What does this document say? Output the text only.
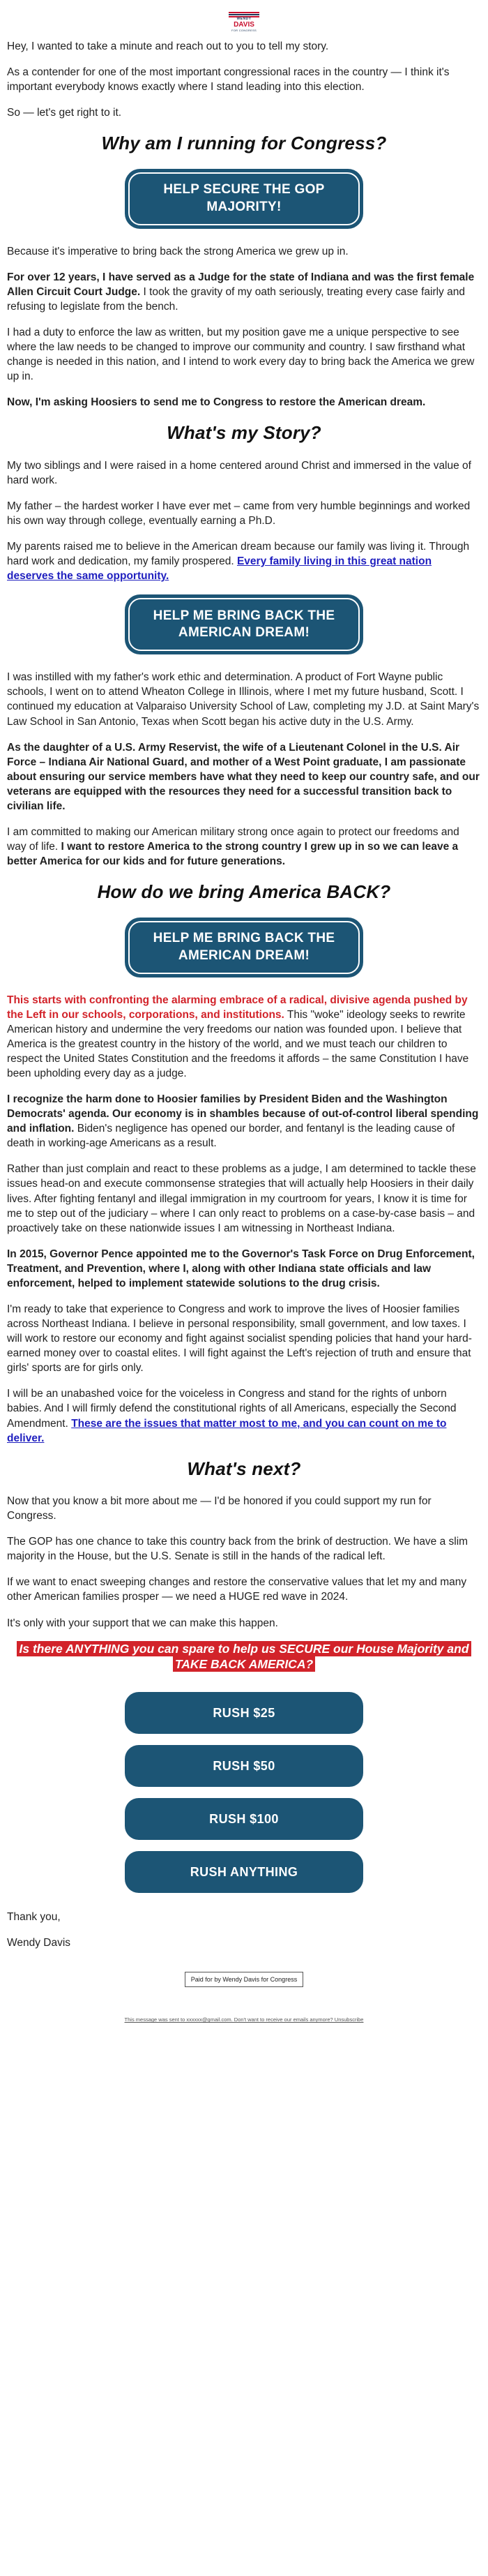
WENDY
DAVIS
FOR CONGRESS

Hey, I wanted to take a minute and reach out to you to tell my story.

As a contender for one of the most important congressional races in the country — I think it's important everybody knows exactly where I stand leading into this election.

So — let's get right to it.

Why am I running for Congress?
HELP SECURE THE GOP MAJORITY!

Because it's imperative to bring back the strong America we grew up in.

For over 12 years, I have served as a Judge for the state of Indiana and was the first female Allen Circuit Court Judge. I took the gravity of my oath seriously, treating every case fairly and refusing to legislate from the bench.

I had a duty to enforce the law as written, but my position gave me a unique perspective to see where the law needs to be changed to improve our community and country. I saw firsthand what change is needed in this nation, and I intend to work every day to bring back the America we grew up in.

Now, I'm asking Hoosiers to send me to Congress to restore the American dream.

What's my Story?

My two siblings and I were raised in a home centered around Christ and immersed in the value of hard work.

My father – the hardest worker I have ever met – came from very humble beginnings and worked his own way through college, eventually earning a Ph.D.

My parents raised me to believe in the American dream because our family was living it. Through hard work and dedication, my family prospered. Every family living in this great nation deserves the same opportunity.

HELP ME BRING BACK THE AMERICAN DREAM!

I was instilled with my father's work ethic and determination. A product of Fort Wayne public schools, I went on to attend Wheaton College in Illinois, where I met my future husband, Scott. I continued my education at Valparaiso University School of Law, completing my J.D. at Saint Mary's Law School in San Antonio, Texas when Scott began his active duty in the U.S. Army.

As the daughter of a U.S. Army Reservist, the wife of a Lieutenant Colonel in the U.S. Air Force – Indiana Air National Guard, and mother of a West Point graduate, I am passionate about ensuring our service members have what they need to keep our country safe, and our veterans are equipped with the resources they need for a successful transition back to civilian life.

I am committed to making our American military strong once again to protect our freedoms and way of life. I want to restore America to the strong country I grew up in so we can leave a better America for our kids and for future generations.

How do we bring America BACK?
HELP ME BRING BACK THE AMERICAN DREAM!

This starts with confronting the alarming embrace of a radical, divisive agenda pushed by the Left in our schools, corporations, and institutions. This "woke" ideology seeks to rewrite American history and undermine the very freedoms our nation was founded upon. I believe that America is the greatest country in the history of the world, and we must teach our children to respect the United States Constitution and the freedoms it affords – the same Constitution I have been upholding every day as a judge.

I recognize the harm done to Hoosier families by President Biden and the Washington Democrats' agenda. Our economy is in shambles because of out-of-control liberal spending and inflation. Biden's negligence has opened our border, and fentanyl is the leading cause of death in working-age Americans as a result.

Rather than just complain and react to these problems as a judge, I am determined to tackle these issues head-on and execute commonsense strategies that will actually help Hoosiers in their daily lives. After fighting fentanyl and illegal immigration in my courtroom for years, I know it is time for me to step out of the judiciary – where I can only react to problems on a case-by-case basis – and proactively take on these nationwide issues I am witnessing in Northeast Indiana.

In 2015, Governor Pence appointed me to the Governor's Task Force on Drug Enforcement, Treatment, and Prevention, where I, along with other Indiana state officials and law enforcement, helped to implement statewide solutions to the drug crisis.

I'm ready to take that experience to Congress and work to improve the lives of Hoosier families across Northeast Indiana. I believe in personal responsibility, small government, and low taxes. I will work to restore our economy and fight against socialist spending policies that hand your hard-earned money over to coastal elites. I will fight against the Left's rejection of truth and ensure that girls' sports are for girls only.

I will be an unabashed voice for the voiceless in Congress and stand for the rights of unborn babies. And I will firmly defend the constitutional rights of all Americans, especially the Second Amendment. These are the issues that matter most to me, and you can count on me to deliver.

What's next?

Now that you know a bit more about me — I'd be honored if you could support my run for Congress.

The GOP has one chance to take this country back from the brink of destruction. We have a slim majority in the House, but the U.S. Senate is still in the hands of the radical left.

If we want to enact sweeping changes and restore the conservative values that let my and many other American families prosper — we need a HUGE red wave in 2024.

It's only with your support that we can make this happen.

Is there ANYTHING you can spare to help us SECURE our House Majority and TAKE BACK AMERICA?
RUSH $25
RUSH $50
RUSH $100
RUSH ANYTHING

Thank you,

Wendy Davis

Paid for by Wendy Davis for Congress
This message was sent to xxxxxx@gmail.com. Don't want to receive our emails anymore? Unsubscribe
